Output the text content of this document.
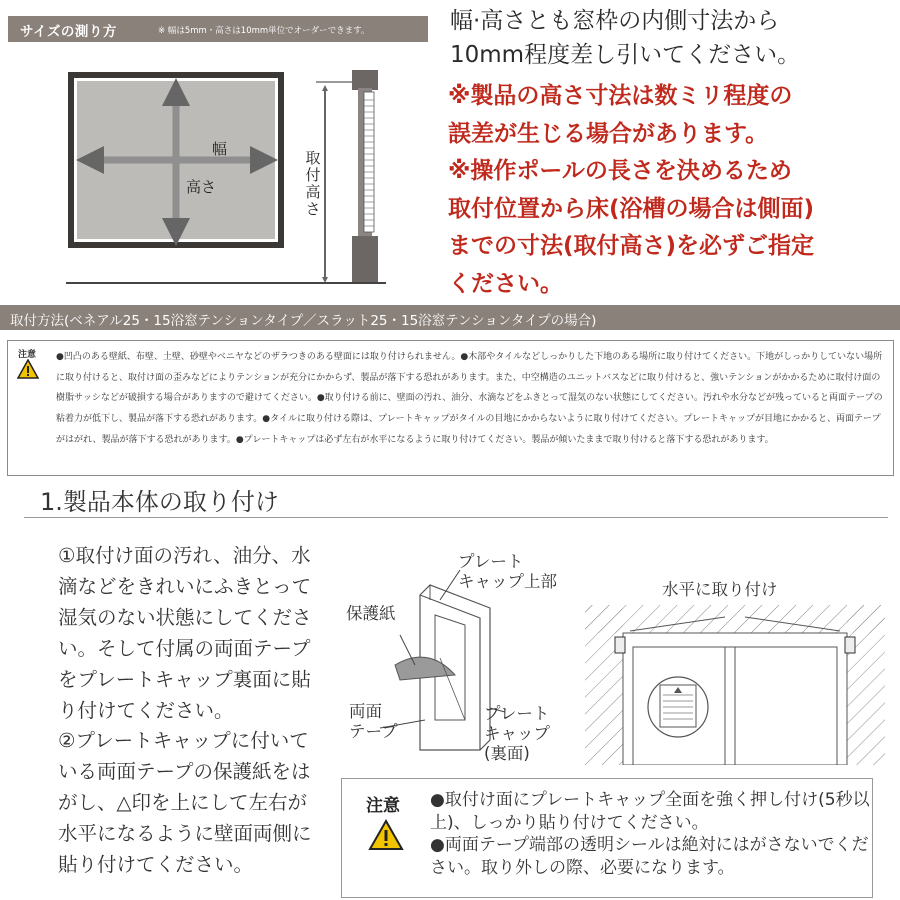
サイズの測り方	※ 幅は5mm・高さは10mm単位でオーダーできます。
幅
高さ
取付高さ
幅·高さとも窓枠の内側寸法から
10mm程度差し引いてください。
※製品の高さ寸法は数ミリ程度の
誤差が生じる場合があります。
※操作ポールの長さを決めるため
取付位置から床(浴槽の場合は側面)
までの寸法(取付高さ)を必ずご指定
ください。
取付方法(ベネアル25・15浴窓テンションタイプ／スラット25・15浴窓テンションタイプの場合)
注意 ●凹凸のある壁紙、布壁、土壁、砂壁やベニヤなどのザラつきのある壁面には取り付けられません。●木部やタイルなどしっかりした下地のある場所に取り付けてください。下地がしっかりしていない場所に取り付けると、取付け面の歪みなどによりテンションが充分にかからず、製品が落下する恐れがあります。また、中空構造のユニットバスなどに取り付けると、強いテンションがかかるために取付け面の樹脂サッシなどが破損する場合がありますので避けてください。●取り付ける前に、壁面の汚れ、油分、水滴などをふきとって湿気のない状態にしてください。汚れや水分などが残っていると両面テープの粘着力が低下し、製品が落下する恐れがあります。●タイルに取り付ける際は、プレートキャップがタイルの目地にかからないように取り付けてください。プレートキャップが目地にかかると、両面テープがはがれ、製品が落下する恐れがあります。●プレートキャップは必ず左右が水平になるように取り付けてください。製品が傾いたままで取り付けると落下する恐れがあります。
1.製品本体の取り付け
①取付け面の汚れ、油分、水滴などをきれいにふきとって湿気のない状態にしてください。そして付属の両面テープをプレートキャップ裏面に貼り付けてください。
②プレートキャップに付いている両面テープの保護紙をはがし、△印を上にして左右が水平になるように壁面両側に貼り付けてください。
プレート
キャップ上部
保護紙
両面
テープ
プレート
キャップ
(裏面)
水平に取り付け
注意 ●取付け面にプレートキャップ全面を強く押し付け(5秒以上)、しっかり貼り付けてください。
●両面テープ端部の透明シールは絶対にはがさないでください。取り外しの際、必要になります。
